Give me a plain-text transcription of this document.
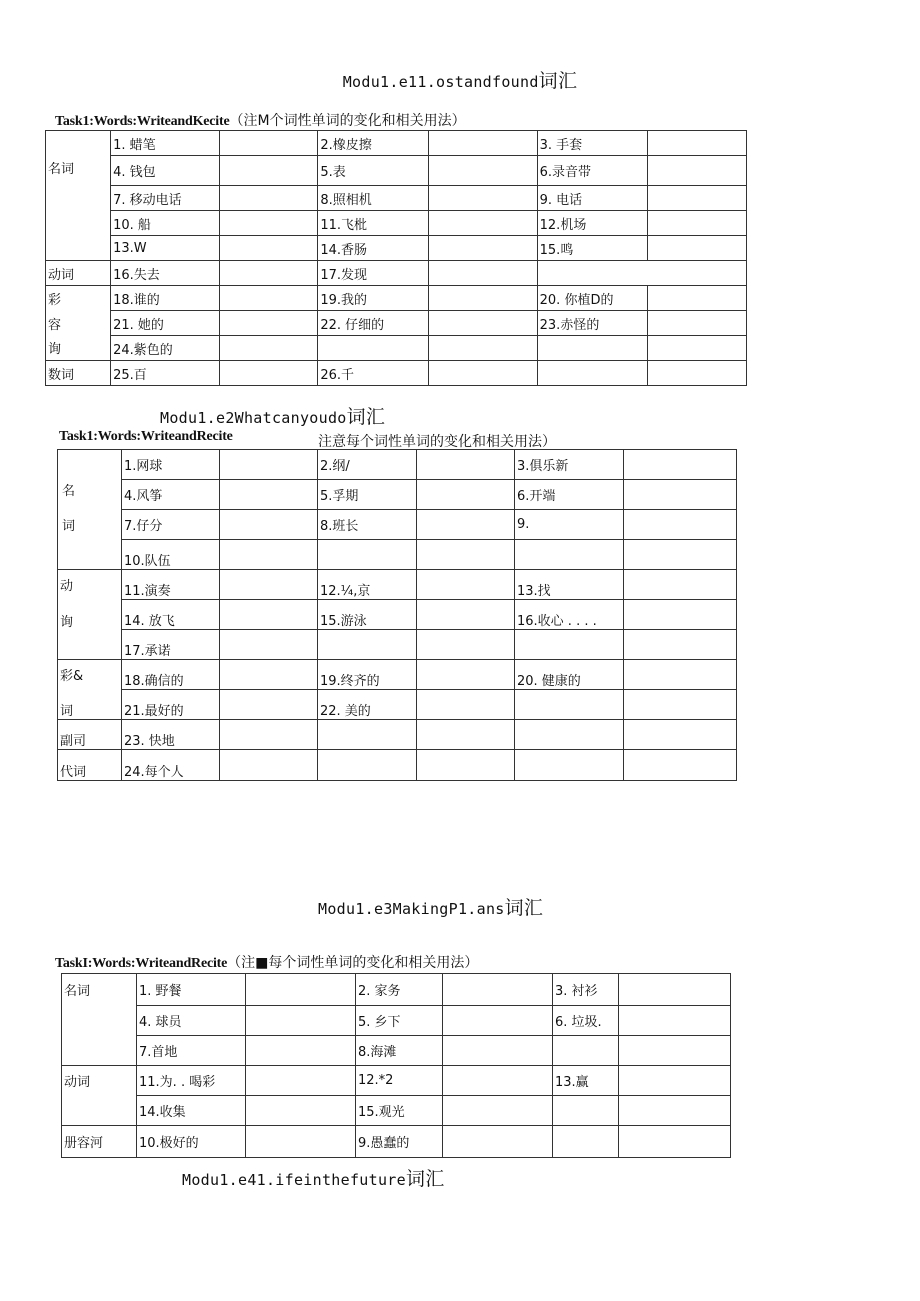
Modu1.e11.ostandfound词汇
Task1:Words:WriteandKecite（注M个词性单词的变化和相关用法）
	1. 蜡笔		2.橡皮擦		3. 手套	
名词	4. 钱包		5.表		6.录音带	
	7. 移动电话		8.照相机		9. 电话	
	10. 船		11.飞枇		12.机场	
	13.W		14.香肠		15.鸣	
动词	16.失去		17.发现			
彩	18.谁的		19.我的		20. 你植D的	
容	21. 她的		22. 仔细的		23.赤怪的	
询	24.紫色的					
数词	25.百		26.千			
Modu1.e2Whatcanyoudo词汇
Task1:Words:WriteandRecite	注意每个词性单词的变化和相关用法）
	1.网球		2.纲/		3.俱乐新	
名	4.风筝		5.孚期		6.开端	
词	7.仔分		8.班长		9.	
	10.队伍					
动	11.演奏		12.¼,京		13.找	
询	14. 放飞		15.游泳		16.收心 . . . .	
	17.承诺					
彩&	18.确信的		19.终齐的		20. 健康的	
词	21.最好的		22. 美的			
副司	23. 快地					
代词	24.每个人					
Modu1.e3MakingP1.ans词汇
TaskI:Words:WriteandRecite（注■每个词性单词的变化和相关用法）
名词	1. 野餐		2. 家务		3. 衬衫	
	4. 球员		5. 乡下		6. 垃圾.	
	7.首地		8.海滩			
动词	11.为. . 喝彩		12.*2		13.赢	
	14.收集		15.观光			
册容河	10.极好的		9.愚蠢的			
Modu1.e41.ifeinthefuture词汇
